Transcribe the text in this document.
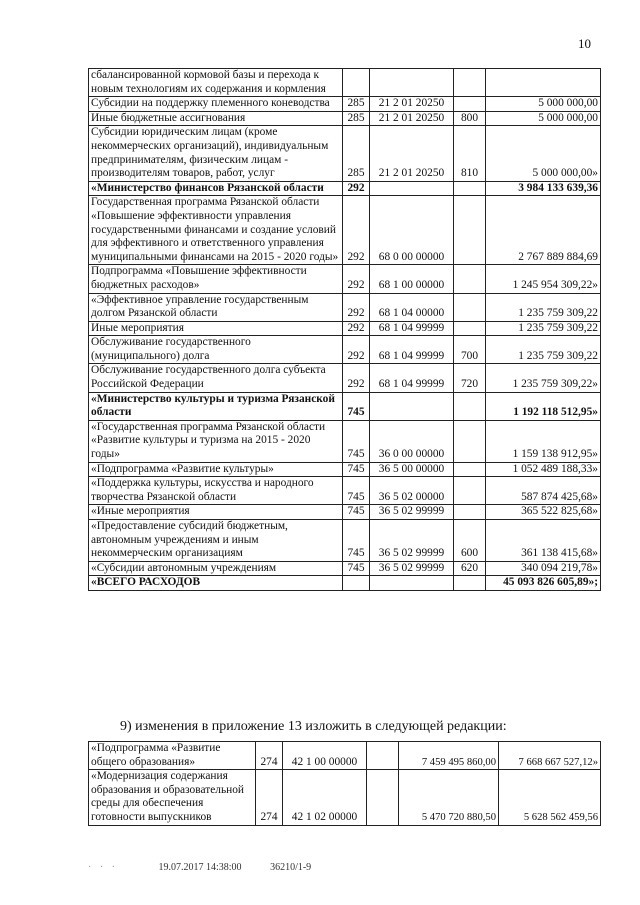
10
сбалансированной кормовой базы и перехода к новым технологиям их содержания и кормления				
Субсидии на поддержку племенного коневодства	285	21 2 01 20250		5 000 000,00
Иные бюджетные ассигнования	285	21 2 01 20250	800	5 000 000,00
Субсидии юридическим лицам (кроме некоммерческих организаций), индивидуальным предпринимателям, физическим лицам - производителям товаров, работ, услуг	285	21 2 01 20250	810	5 000 000,00»
«Министерство финансов Рязанской области	292			3 984 133 639,36
Государственная программа Рязанской области «Повышение эффективности управления государственными финансами и создание условий для эффективного и ответственного управления муниципальными финансами на 2015 - 2020 годы»	292	68 0 00 00000		2 767 889 884,69
Подпрограмма «Повышение эффективности бюджетных расходов»	292	68 1 00 00000		1 245 954 309,22»
«Эффективное управление государственным долгом Рязанской области	292	68 1 04 00000		1 235 759 309,22
Иные мероприятия	292	68 1 04 99999		1 235 759 309,22
Обслуживание государственного (муниципального) долга	292	68 1 04 99999	700	1 235 759 309,22
Обслуживание государственного долга субъекта Российской Федерации	292	68 1 04 99999	720	1 235 759 309,22»
«Министерство культуры и туризма Рязанской области	745			1 192 118 512,95»
«Государственная программа Рязанской области «Развитие культуры и туризма на 2015 - 2020 годы»	745	36 0 00 00000		1 159 138 912,95»
«Подпрограмма «Развитие культуры»	745	36 5 00 00000		1 052 489 188,33»
«Поддержка культуры, искусства и народного творчества Рязанской области	745	36 5 02 00000		587 874 425,68»
«Иные мероприятия	745	36 5 02 99999		365 522 825,68»
«Предоставление субсидий бюджетным, автономным учреждениям и иным некоммерческим организациям	745	36 5 02 99999	600	361 138 415,68»
«Субсидии автономным учреждениям	745	36 5 02 99999	620	340 094 219,78»
«ВСЕГО РАСХОДОВ				45 093 826 605,89»;
9) изменения в приложение 13 изложить в следующей редакции:
«Подпрограмма «Развитие общего образования»	274	42 1 00 00000		7 459 495 860,00	7 668 667 527,12»
«Модернизация содержания образования и образовательной среды для обеспечения готовности выпускников	274	42 1 02 00000		5 470 720 880,50	5 628 562 459,56
· · ·	19.07.2017 14:38:00	36210/1-9
